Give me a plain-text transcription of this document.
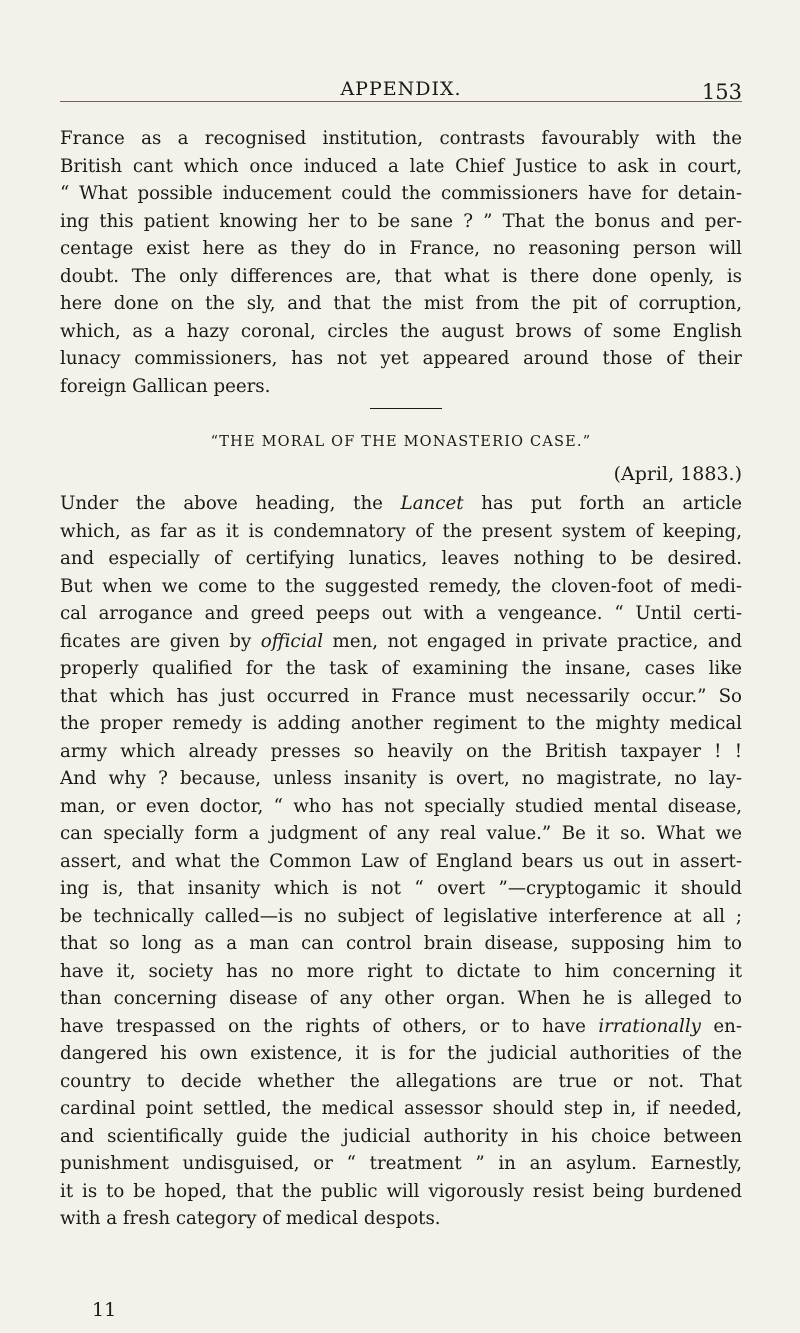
APPENDIX.	153
France as a recognised institution, contrasts favourably with the
British cant which once induced a late Chief Justice to ask in court,
“ What possible inducement could the commissioners have for detain-
ing this patient knowing her to be sane ? ” That the bonus and per-
centage exist here as they do in France, no reasoning person will
doubt. The only differences are, that what is there done openly, is
here done on the sly, and that the mist from the pit of corruption,
which, as a hazy coronal, circles the august brows of some English
lunacy commissioners, has not yet appeared around those of their
foreign Gallican peers.
“THE MORAL OF THE MONASTERIO CASE.”
(April, 1883.)
Under the above heading, the Lancet has put forth an article
which, as far as it is condemnatory of the present system of keeping,
and especially of certifying lunatics, leaves nothing to be desired.
But when we come to the suggested remedy, the cloven-foot of medi-
cal arrogance and greed peeps out with a vengeance. “ Until certi-
ficates are given by official men, not engaged in private practice, and
properly qualified for the task of examining the insane, cases like
that which has just occurred in France must necessarily occur.” So
the proper remedy is adding another regiment to the mighty medical
army which already presses so heavily on the British taxpayer ! !
And why ? because, unless insanity is overt, no magistrate, no lay-
man, or even doctor, “ who has not specially studied mental disease,
can specially form a judgment of any real value.” Be it so. What we
assert, and what the Common Law of England bears us out in assert-
ing is, that insanity which is not “ overt ”—cryptogamic it should
be technically called—is no subject of legislative interference at all ;
that so long as a man can control brain disease, supposing him to
have it, society has no more right to dictate to him concerning it
than concerning disease of any other organ. When he is alleged to
have trespassed on the rights of others, or to have irrationally en-
dangered his own existence, it is for the judicial authorities of the
country to decide whether the allegations are true or not. That
cardinal point settled, the medical assessor should step in, if needed,
and scientifically guide the judicial authority in his choice between
punishment undisguised, or “ treatment ” in an asylum. Earnestly,
it is to be hoped, that the public will vigorously resist being burdened
with a fresh category of medical despots.
11
